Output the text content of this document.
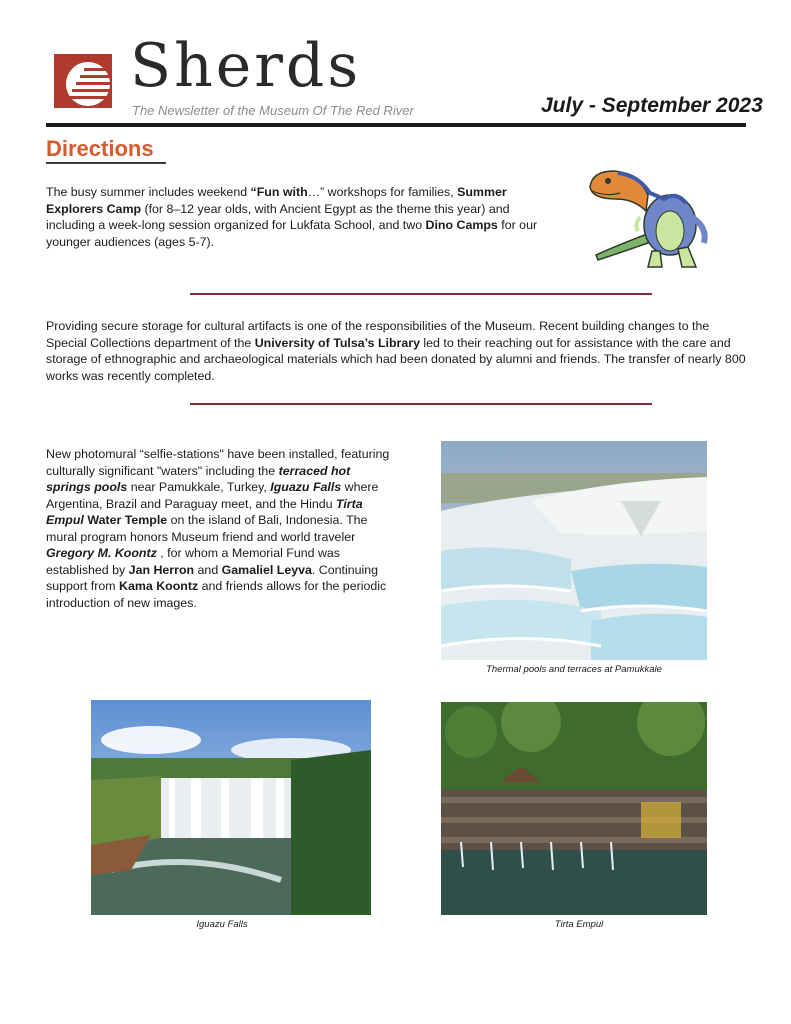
Sherds
The Newsletter of the Museum Of The Red River	July - September 2023
Directions
The busy summer includes weekend “Fun with…” workshops for families, Summer Explorers Camp (for 8–12 year olds, with Ancient Egypt as the theme this year) and including a week-long session organized for Lukfata School, and two Dino Camps for our younger audiences (ages 5-7).
Providing secure storage for cultural artifacts is one of the responsibilities of the Museum. Recent building changes to the Special Collections department of the University of Tulsa’s Library led to their reaching out for assistance with the care and storage of ethnographic and archaeological materials which had been donated by alumni and friends. The transfer of nearly 800 works was recently completed.
New photomural “selfie-stations" have been installed, featuring culturally significant "waters" including the terraced hot springs pools near Pamukkale, Turkey, Iguazu Falls where Argentina, Brazil and Paraguay meet, and the Hindu Tirta Empul Water Temple on the island of Bali, Indonesia. The mural program honors Museum friend and world traveler Gregory M. Koontz , for whom a Memorial Fund was established by Jan Herron and Gamaliel Leyva. Continuing support from Kama Koontz and friends allows for the periodic introduction of new images.
Thermal pools and terraces at Pamukkale
Iguazu Falls	Tirta Empul
